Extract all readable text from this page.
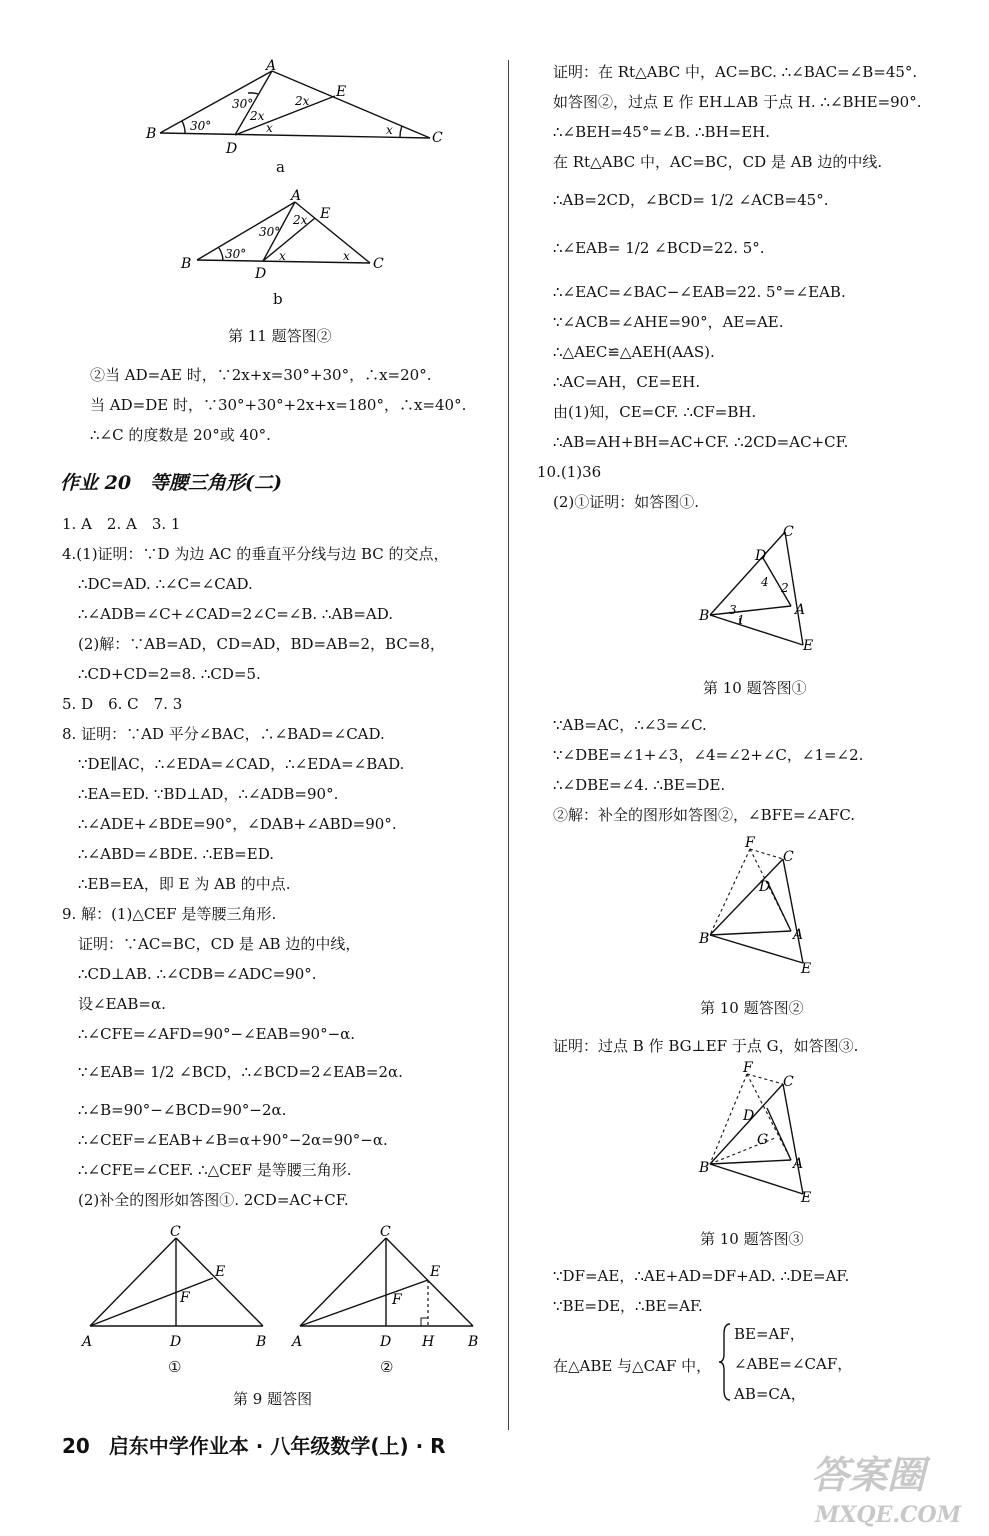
A
B
D
C
E
30°
30°	2x
2x
x	x
a
A
B
D
C
E
30°
30°
2x
x	x
b
第 11 题答图②
②当 AD=AE 时，∵2x+x=30°+30°，∴x=20°.
当 AD=DE 时，∵30°+30°+2x+x=180°，∴x=40°.
∴∠C 的度数是 20°或 40°.
作业 20　等腰三角形(二)
1. A　2. A　3. 1
4.(1)证明：∵D 为边 AC 的垂直平分线与边 BC 的交点，
∴DC=AD. ∴∠C=∠CAD.
∴∠ADB=∠C+∠CAD=2∠C=∠B. ∴AB=AD.
(2)解：∵AB=AD，CD=AD，BD=AB=2，BC=8，
∴CD+CD=2=8. ∴CD=5.
5. D　6. C　7. 3
8. 证明：∵AD 平分∠BAC，∴∠BAD=∠CAD.
∵DE∥AC，∴∠EDA=∠CAD，∴∠EDA=∠BAD.
∴EA=ED. ∵BD⊥AD，∴∠ADB=90°.
∴∠ADE+∠BDE=90°，∠DAB+∠ABD=90°.
∴∠ABD=∠BDE. ∴EB=ED.
∴EB=EA，即 E 为 AB 的中点.
9. 解：(1)△CEF 是等腰三角形.
证明：∵AC=BC，CD 是 AB 边的中线，
∴CD⊥AB. ∴∠CDB=∠ADC=90°.
设∠EAB=α.
∴∠CFE=∠AFD=90°−∠EAB=90°−α.
∵∠EAB= 1/2 ∠BCD，∴∠BCD=2∠EAB=2α.
∴∠B=90°−∠BCD=90°−2α.
∴∠CEF=∠EAB+∠B=α+90°−2α=90°−α.
∴∠CFE=∠CEF. ∴△CEF 是等腰三角形.
(2)补全的图形如答图①. 2CD=AC+CF.
C
A	D	B
E
F
①
C
A	D H B
E
F
②
第 9 题答图
证明：在 Rt△ABC 中，AC=BC. ∴∠BAC=∠B=45°.
如答图②，过点 E 作 EH⊥AB 于点 H. ∴∠BHE=90°.
∴∠BEH=45°=∠B. ∴BH=EH.
在 Rt△ABC 中，AC=BC，CD 是 AB 边的中线.
∴AB=2CD，∠BCD= 1/2 ∠ACB=45°.
∴∠EAB= 1/2 ∠BCD=22. 5°.
∴∠EAC=∠BAC−∠EAB=22. 5°=∠EAB.
∵∠ACB=∠AHE=90°，AE=AE.
∴△AEC≌△AEH(AAS).
∴AC=AH，CE=EH.
由(1)知，CE=CF. ∴CF=BH.
∴AB=AH+BH=AC+CF. ∴2CD=AC+CF.
10.(1)36
(2)①证明：如答图①.
C
D
B	A
E
3
1
4 2
第 10 题答图①
∵AB=AC，∴∠3=∠C.
∵∠DBE=∠1+∠3，∠4=∠2+∠C，∠1=∠2.
∴∠DBE=∠4. ∴BE=DE.
②解：补全的图形如答图②，∠BFE=∠AFC.
F
C
D
B	A
E
第 10 题答图②
证明：过点 B 作 BG⊥EF 于点 G，如答图③.
F
C
D
G
B	A
E
第 10 题答图③
∵DF=AE，∴AE+AD=DF+AD. ∴DE=AF.
∵BE=DE，∴BE=AF.
在△ABE 与△CAF 中，
BE=AF，
∠ABE=∠CAF，
AB=CA，
20 启东中学作业本 · 八年级数学(上) · R
答案圈
MXQE.COM
